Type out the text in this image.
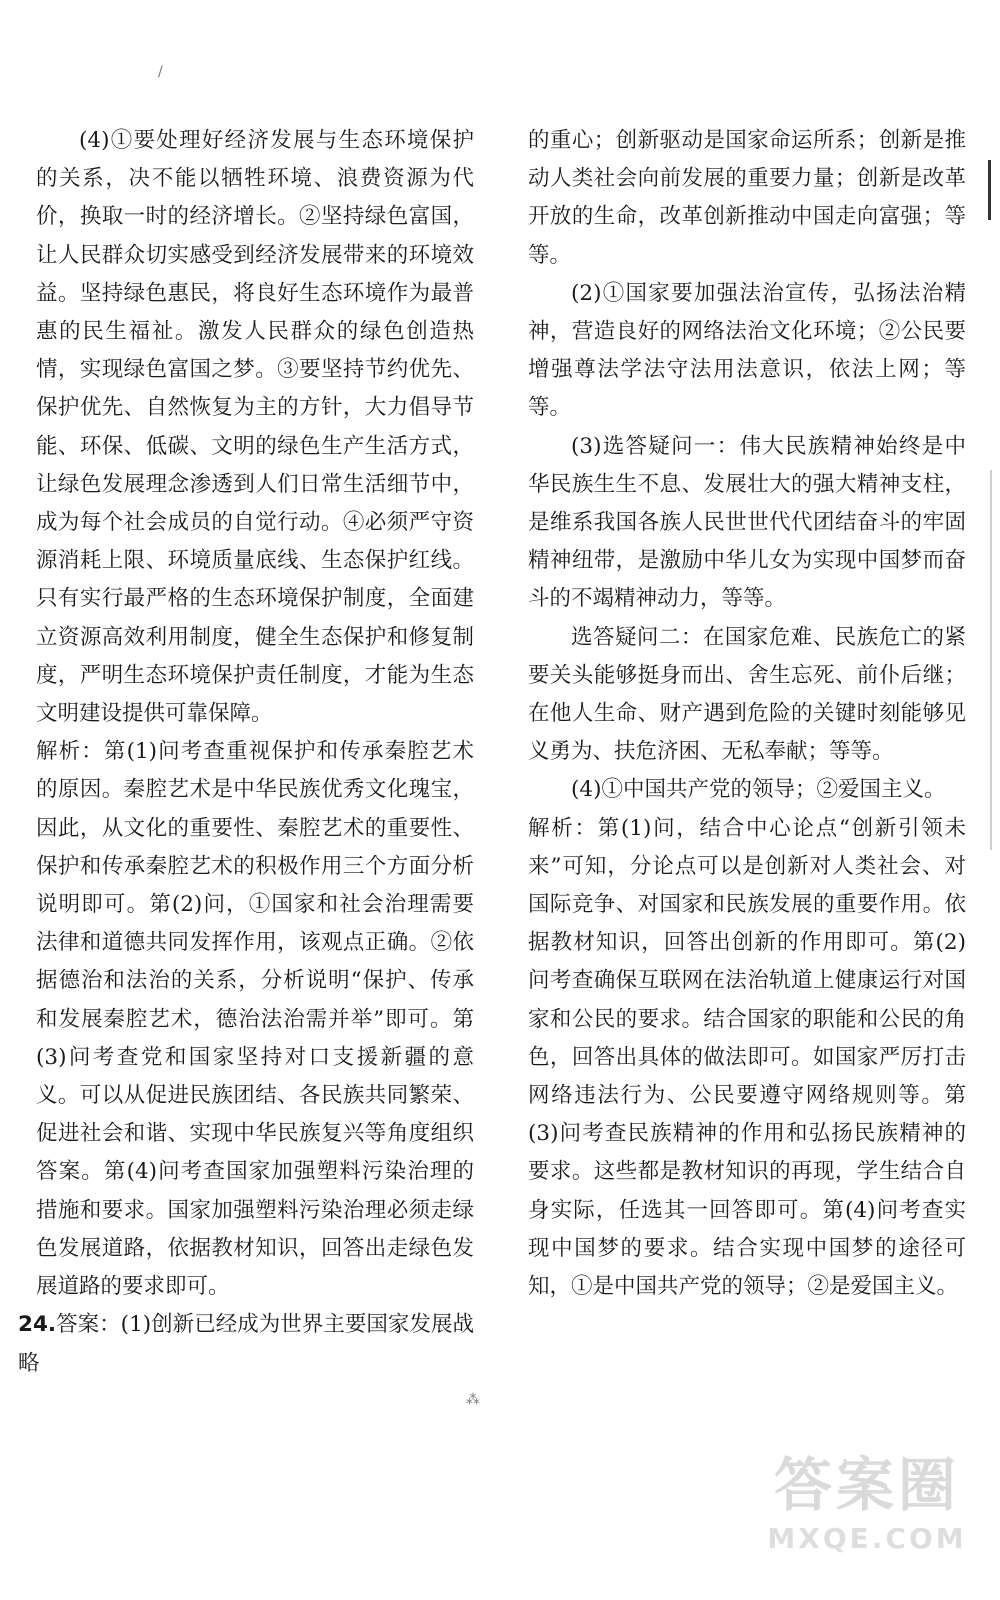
/
⁂

(4)①要处理好经济发展与生态环境保护的关系，决不能以牺牲环境、浪费资源为代价，换取一时的经济增长。②坚持绿色富国，让人民群众切实感受到经济发展带来的环境效益。坚持绿色惠民，将良好生态环境作为最普惠的民生福祉。激发人民群众的绿色创造热情，实现绿色富国之梦。③要坚持节约优先、保护优先、自然恢复为主的方针，大力倡导节能、环保、低碳、文明的绿色生产生活方式，让绿色发展理念渗透到人们日常生活细节中，成为每个社会成员的自觉行动。④必须严守资源消耗上限、环境质量底线、生态保护红线。只有实行最严格的生态环境保护制度，全面建立资源高效利用制度，健全生态保护和修复制度，严明生态环境保护责任制度，才能为生态文明建设提供可靠保障。

解析：第(1)问考查重视保护和传承秦腔艺术的原因。秦腔艺术是中华民族优秀文化瑰宝，因此，从文化的重要性、秦腔艺术的重要性、保护和传承秦腔艺术的积极作用三个方面分析说明即可。第(2)问，①国家和社会治理需要法律和道德共同发挥作用，该观点正确。②依据德治和法治的关系，分析说明“保护、传承和发展秦腔艺术，德治法治需并举”即可。第(3)问考查党和国家坚持对口支援新疆的意义。可以从促进民族团结、各民族共同繁荣、促进社会和谐、实现中华民族复兴等角度组织答案。第(4)问考查国家加强塑料污染治理的措施和要求。国家加强塑料污染治理必须走绿色发展道路，依据教材知识，回答出走绿色发展道路的要求即可。

24.答案：(1)创新已经成为世界主要国家发展战略

的重心；创新驱动是国家命运所系；创新是推动人类社会向前发展的重要力量；创新是改革开放的生命，改革创新推动中国走向富强；等等。

(2)①国家要加强法治宣传，弘扬法治精神，营造良好的网络法治文化环境；②公民要增强尊法学法守法用法意识，依法上网；等等。

(3)选答疑问一：伟大民族精神始终是中华民族生生不息、发展壮大的强大精神支柱，是维系我国各族人民世世代代团结奋斗的牢固精神纽带，是激励中华儿女为实现中国梦而奋斗的不竭精神动力，等等。

选答疑问二：在国家危难、民族危亡的紧要关头能够挺身而出、舍生忘死、前仆后继；在他人生命、财产遇到危险的关键时刻能够见义勇为、扶危济困、无私奉献；等等。

(4)①中国共产党的领导；②爱国主义。

解析：第(1)问，结合中心论点“创新引领未来”可知，分论点可以是创新对人类社会、对国际竞争、对国家和民族发展的重要作用。依据教材知识，回答出创新的作用即可。第(2)问考查确保互联网在法治轨道上健康运行对国家和公民的要求。结合国家的职能和公民的角色，回答出具体的做法即可。如国家严厉打击网络违法行为、公民要遵守网络规则等。第(3)问考查民族精神的作用和弘扬民族精神的要求。这些都是教材知识的再现，学生结合自身实际，任选其一回答即可。第(4)问考查实现中国梦的要求。结合实现中国梦的途径可知，①是中国共产党的领导；②是爱国主义。

答案圈
MXQE.COM
